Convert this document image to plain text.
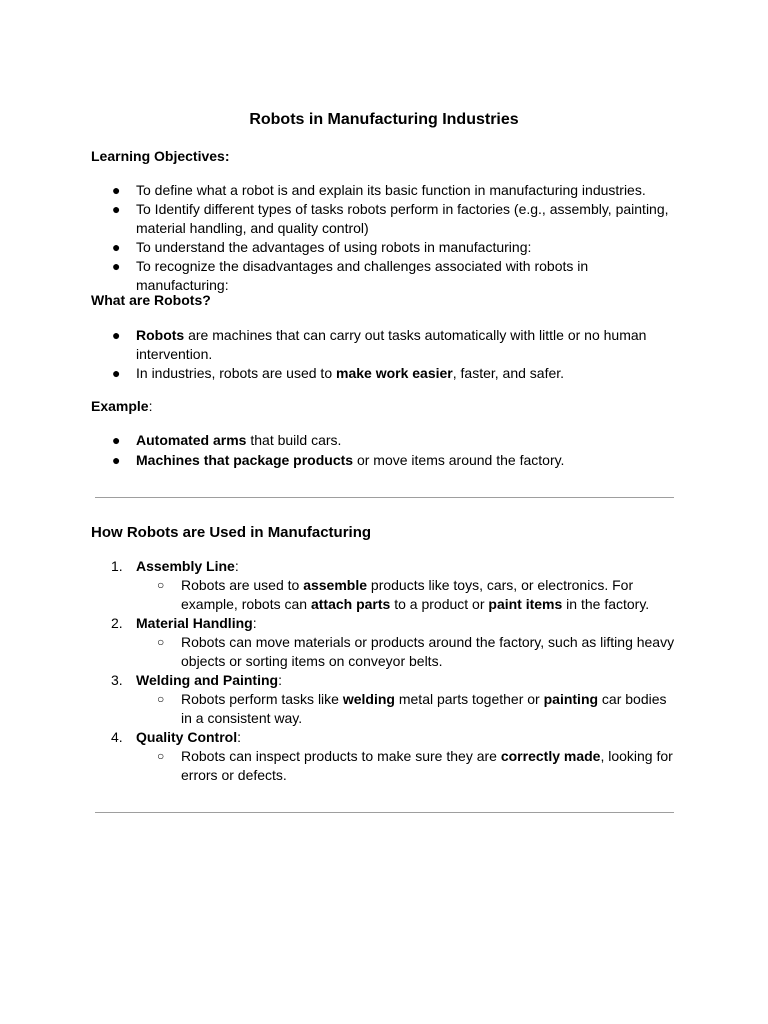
Robots in Manufacturing Industries
Learning Objectives:
● To define what a robot is and explain its basic function in manufacturing industries.
● To Identify different types of tasks robots perform in factories (e.g., assembly, painting, material handling, and quality control)
● To understand the advantages of using robots in manufacturing:
● To recognize the disadvantages and challenges associated with robots in manufacturing:
What are Robots?
● Robots are machines that can carry out tasks automatically with little or no human intervention.
● In industries, robots are used to make work easier, faster, and safer.
Example:
● Automated arms that build cars.
● Machines that package products or move items around the factory.
How Robots are Used in Manufacturing
1. Assembly Line:
○ Robots are used to assemble products like toys, cars, or electronics. For example, robots can attach parts to a product or paint items in the factory.
2. Material Handling:
○ Robots can move materials or products around the factory, such as lifting heavy objects or sorting items on conveyor belts.
3. Welding and Painting:
○ Robots perform tasks like welding metal parts together or painting car bodies in a consistent way.
4. Quality Control:
○ Robots can inspect products to make sure they are correctly made, looking for errors or defects.
